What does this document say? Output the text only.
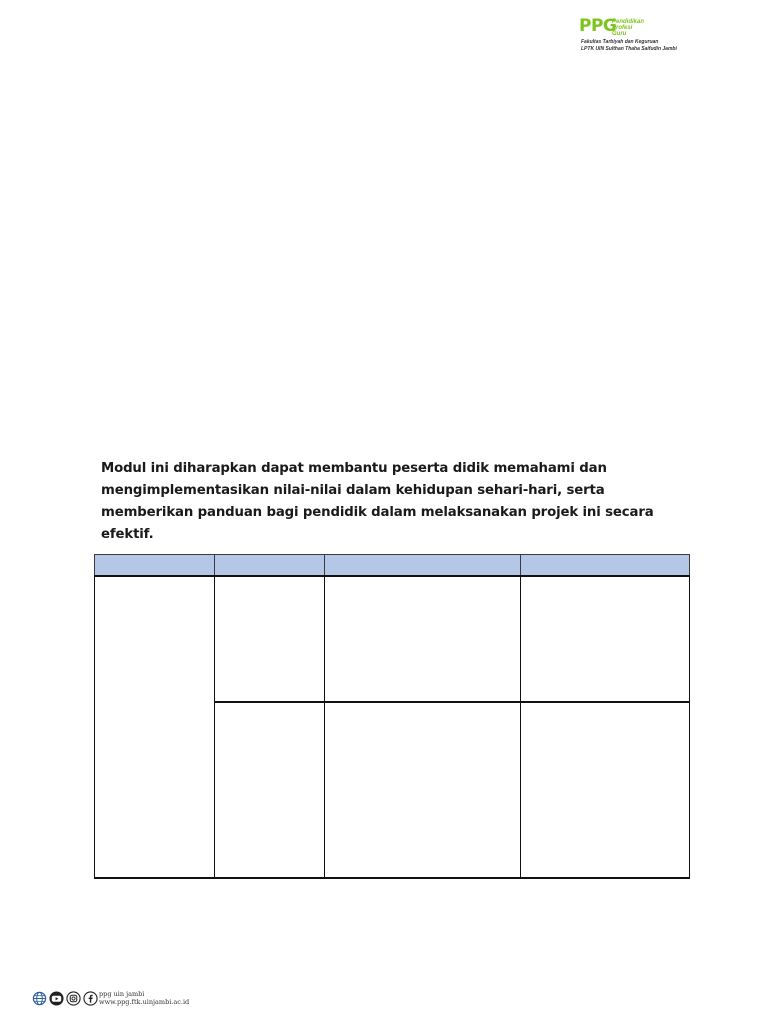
PPG
Pendidikan
Profesi
Guru
Fakultas Tarbiyah dan Keguruan
LPTK UIN Sulthan Thaha Saifudin Jambi

Modul ini diharapkan dapat membantu peserta didik memahami dan mengimplementasikan nilai-nilai dalam kehidupan sehari-hari, serta memberikan panduan bagi pendidik dalam melaksanakan projek ini secara efektif.

ppg uin jambi
www.ppg.ftk.uinjambi.ac.id
